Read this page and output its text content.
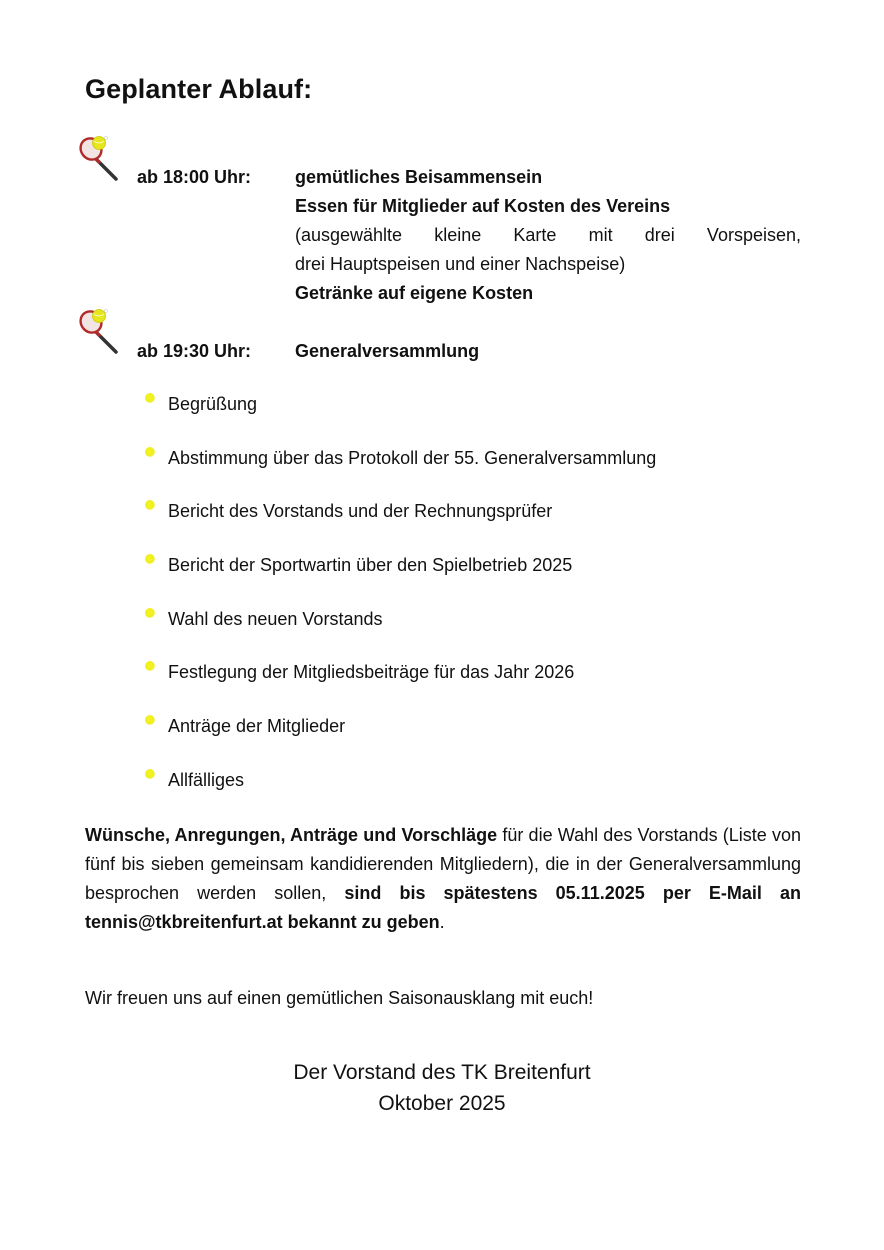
Geplanter Ablauf:
ab 18:00 Uhr: gemütliches Beisammensein
Essen für Mitglieder auf Kosten des Vereins
(ausgewählte kleine Karte mit drei Vorspeisen,
drei Hauptspeisen und einer Nachspeise)
Getränke auf eigene Kosten
ab 19:30 Uhr: Generalversammlung
Begrüßung
Abstimmung über das Protokoll der 55. Generalversammlung
Bericht des Vorstands und der Rechnungsprüfer
Bericht der Sportwartin über den Spielbetrieb 2025
Wahl des neuen Vorstands
Festlegung der Mitgliedsbeiträge für das Jahr 2026
Anträge der Mitglieder
Allfälliges

Wünsche, Anregungen, Anträge und Vorschläge für die Wahl des Vorstands (Liste von fünf bis sieben gemeinsam kandidierenden Mitgliedern), die in der Generalversammlung besprochen werden sollen, sind bis spätestens 05.11.2025 per E-Mail an tennis@tkbreitenfurt.at bekannt zu geben.

Wir freuen uns auf einen gemütlichen Saisonausklang mit euch!

Der Vorstand des TK Breitenfurt
Oktober 2025
